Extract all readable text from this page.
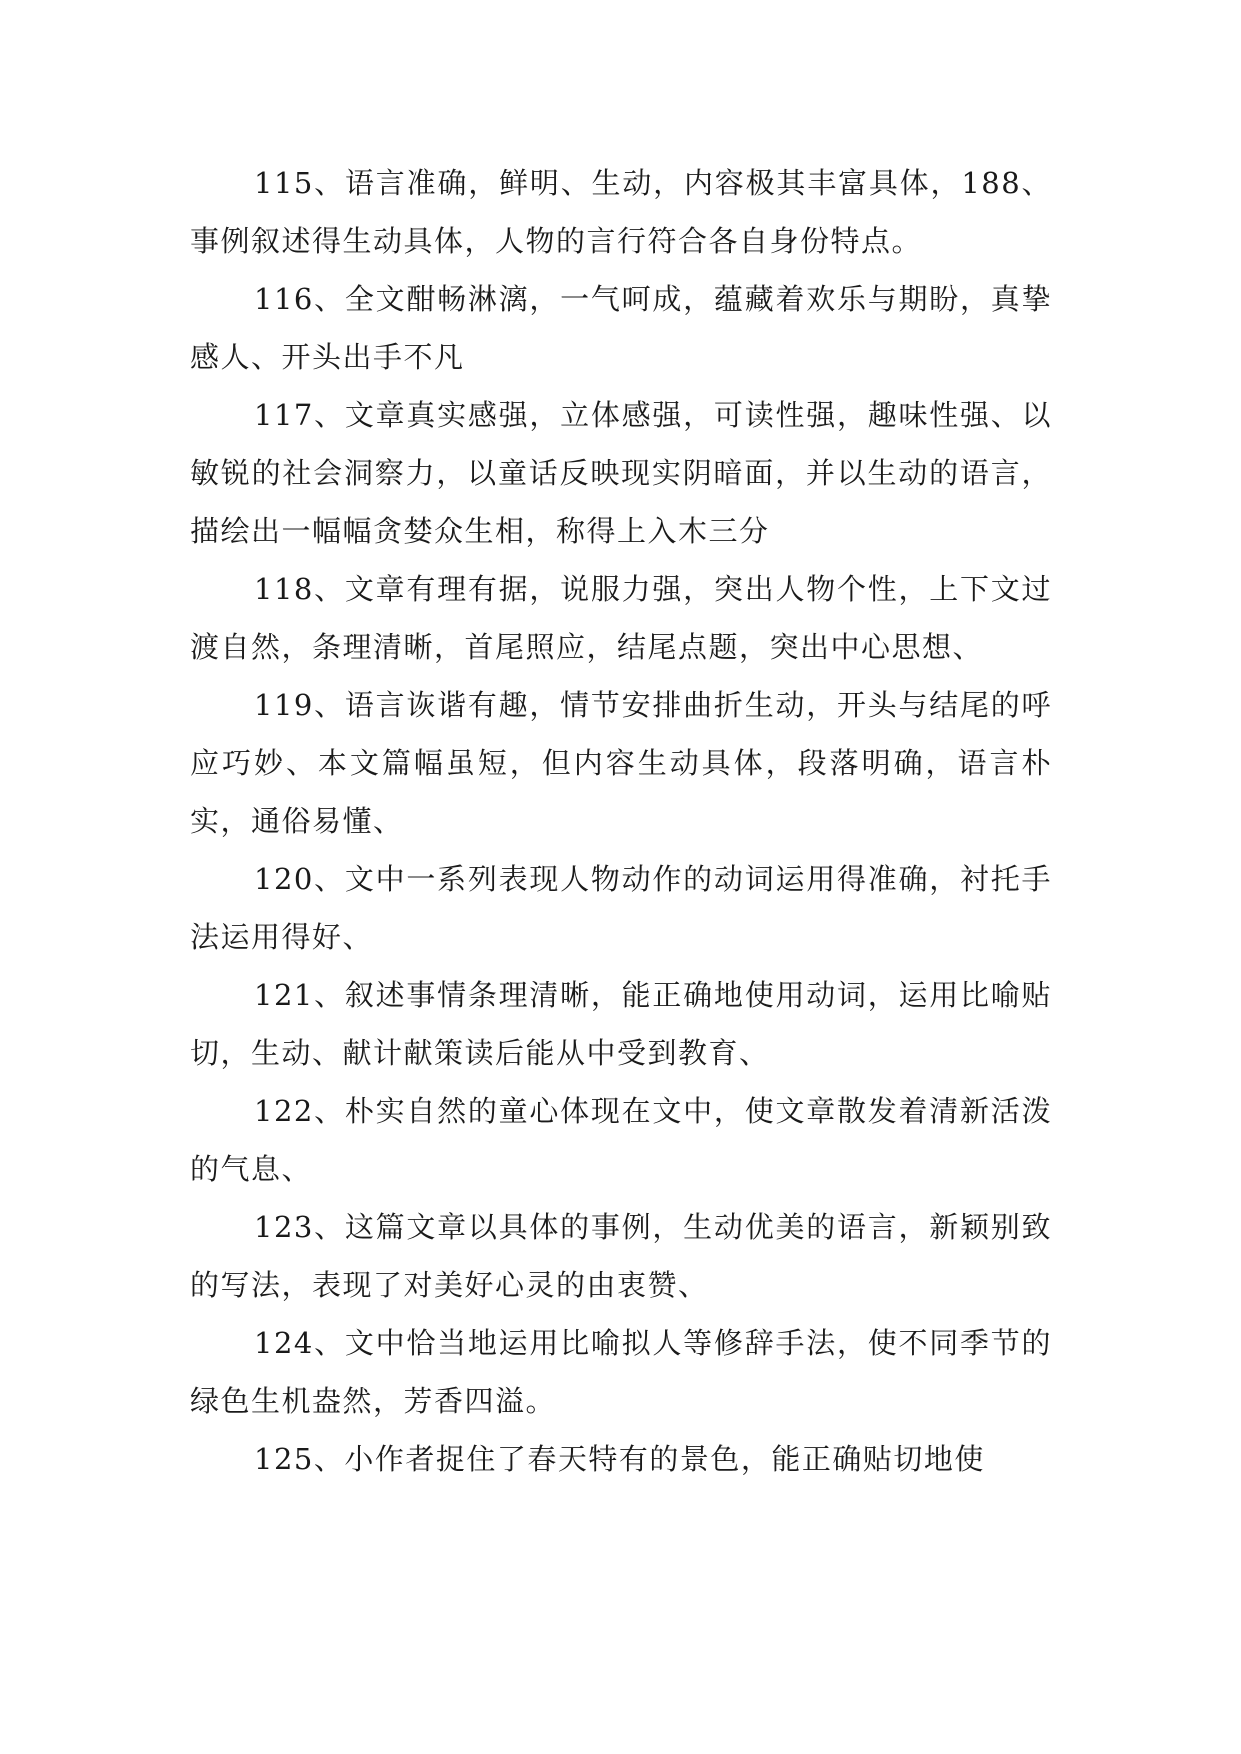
115、语言准确，鲜明、生动，内容极其丰富具体，188、事例叙述得生动具体，人物的言行符合各自身份特点。

116、全文酣畅淋漓，一气呵成，蕴藏着欢乐与期盼，真挚感人、开头出手不凡

117、文章真实感强，立体感强，可读性强，趣味性强、以敏锐的社会洞察力，以童话反映现实阴暗面，并以生动的语言，描绘出一幅幅贪婪众生相，称得上入木三分

118、文章有理有据，说服力强，突出人物个性，上下文过渡自然，条理清晰，首尾照应，结尾点题，突出中心思想、

119、语言诙谐有趣，情节安排曲折生动，开头与结尾的呼应巧妙、本文篇幅虽短，但内容生动具体，段落明确，语言朴实，通俗易懂、

120、文中一系列表现人物动作的动词运用得准确，衬托手法运用得好、

121、叙述事情条理清晰，能正确地使用动词，运用比喻贴切，生动、献计献策读后能从中受到教育、

122、朴实自然的童心体现在文中，使文章散发着清新活泼的气息、

123、这篇文章以具体的事例，生动优美的语言，新颖别致的写法，表现了对美好心灵的由衷赞、

124、文中恰当地运用比喻拟人等修辞手法，使不同季节的绿色生机盎然，芳香四溢。

125、小作者捉住了春天特有的景色，能正确贴切地使
